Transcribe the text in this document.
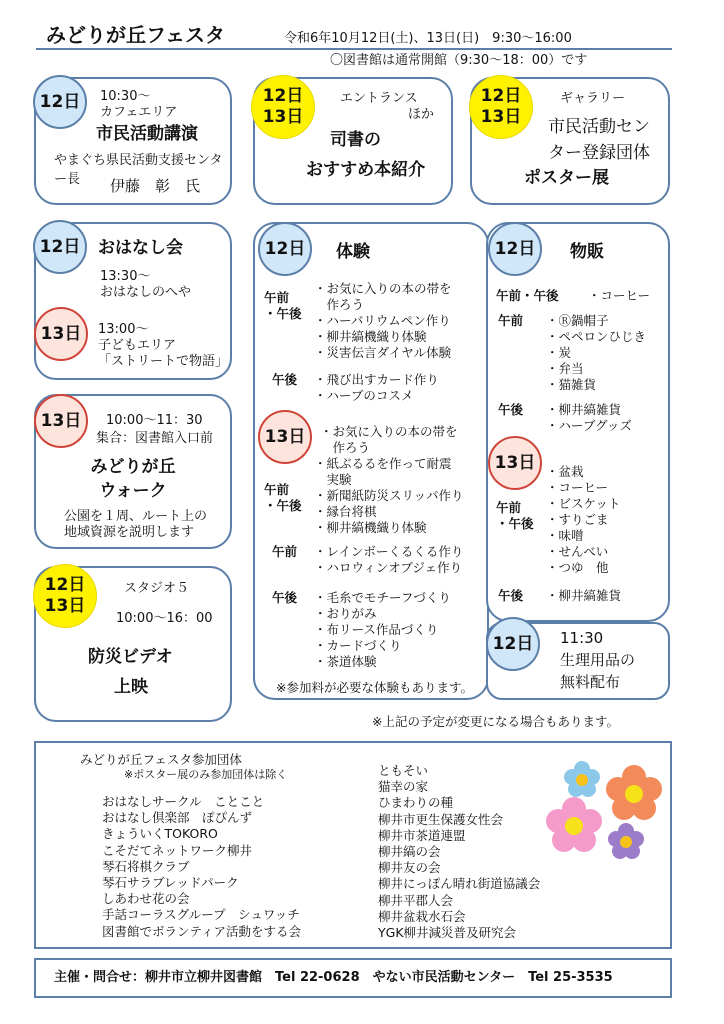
みどりが丘フェスタ	令和6年10月12日(土)、13日(日)　9:30〜16:00
〇図書館は通常開館（9:30〜18：00）です
12日 10:30〜
カフェエリア
市民活動講演
やまぐち県民活動支援センター長	伊藤　彰　氏
12日
13日
エントランス
ほか
司書の
おすすめ本紹介
12日
13日
ギャラリー
市民活動セン
ター登録団体
ポスター展
12日 おはなし会
13:30〜
おはなしのへや
13日 13:00〜
子どもエリア
「ストリートで物語」
13日 10:00〜11：30
集合：図書館入口前
みどりが丘
ウォーク
公園を１周、ルート上の
地域資源を説明します
12日
13日
スタジオ５
10:00〜16：00
防災ビデオ
上映
12日 体験
午前
・午後
・お気に入りの本の帯を
　作ろう
・ハーバリウムペン作り
・柳井縞機織り体験
・災害伝言ダイヤル体験
午後 ・飛び出すカード作り
・ハーブのコスメ
13日 ・お気に入りの本の帯を
　作ろう
午前
・午後
・紙ぶるるを作って耐震
　実験
・新聞紙防災スリッパ作り
・縁台将棋
・柳井縞機織り体験
午前 ・レインボーくるくる作り
・ハロウィンオブジェ作り
午後 ・毛糸でモチーフづくり
・おりがみ
・布リース作品づくり
・カードづくり
・茶道体験
※参加料が必要な体験もあります。
12日 物販
午前・午後 ・コーヒー
午前 ・Ⓡ鍋帽子
・ペペロンひじき
・炭
・弁当
・猫雑貨
午後 ・柳井縞雑貨
・ハーブグッズ
13日
午前
・午後
・盆栽
・コーヒー
・ビスケット
・すりごま
・味噌
・せんべい
・つゆ　他
午後 ・柳井縞雑貨
12日 11:30
生理用品の
無料配布
※上記の予定が変更になる場合もあります。
みどりが丘フェスタ参加団体
※ポスター展のみ参加団体は除く
おはなしサークル　ことこと
おはなし倶楽部　ぽぴんず
きょういくTOKORO
こそだてネットワーク柳井
琴石将棋クラブ
琴石サラブレッドパーク
しあわせ花の会
手話コーラスグループ　シュワッチ
図書館でボランティア活動をする会
ともそい
猫幸の家
ひまわりの種
柳井市更生保護女性会
柳井市茶道連盟
柳井縞の会
柳井友の会
柳井にっぽん晴れ街道協議会
柳井平郡人会
柳井盆栽水石会
YGK柳井減災普及研究会
主催・問合せ：柳井市立柳井図書館　Tel 22-0628　やない市民活動センター　Tel 25-3535
